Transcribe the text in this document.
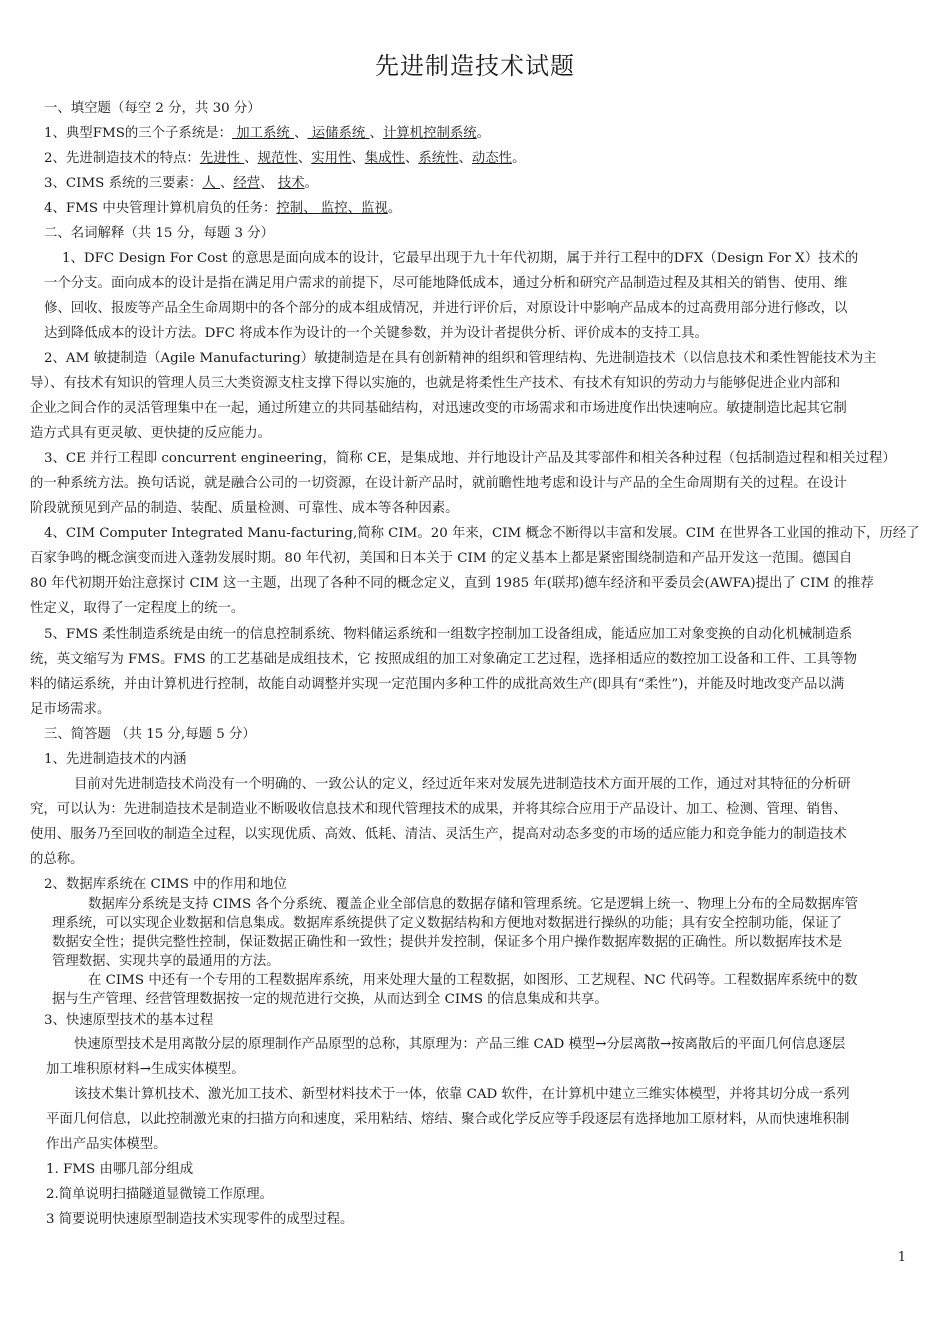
先进制造技术试题
一、填空题（每空 2 分，共 30 分）
1、典型FMS的三个子系统是： 加工系统 、 运储系统 、计算机控制系统。
2、先进制造技术的特点：先进性 、规范性、实用性、集成性、系统性、动态性。
3、CIMS 系统的三要素：人 、经营、 技术。
4、FMS 中央管理计算机肩负的任务：控制、 监控、监视。
二、名词解释（共 15 分，每题 3 分）
1、DFC Design For Cost 的意思是面向成本的设计，它最早出现于九十年代初期，属于并行工程中的DFX（Design For X）技术的
一个分支。面向成本的设计是指在满足用户需求的前提下，尽可能地降低成本，通过分析和研究产品制造过程及其相关的销售、使用、维
修、回收、报废等产品全生命周期中的各个部分的成本组成情况，并进行评价后，对原设计中影响产品成本的过高费用部分进行修改，以
达到降低成本的设计方法。DFC 将成本作为设计的一个关键参数，并为设计者提供分析、评价成本的支持工具。
2、AM 敏捷制造（Agile Manufacturing）敏捷制造是在具有创新精神的组织和管理结构、先进制造技术（以信息技术和柔性智能技术为主
导）、有技术有知识的管理人员三大类资源支柱支撑下得以实施的，也就是将柔性生产技术、有技术有知识的劳动力与能够促进企业内部和
企业之间合作的灵活管理集中在一起，通过所建立的共同基础结构，对迅速改变的市场需求和市场进度作出快速响应。敏捷制造比起其它制
造方式具有更灵敏、更快捷的反应能力。
3、CE 并行工程即 concurrent engineering，简称 CE，是集成地、并行地设计产品及其零部件和相关各种过程（包括制造过程和相关过程）
的一种系统方法。换句话说，就是融合公司的一切资源，在设计新产品时，就前瞻性地考虑和设计与产品的全生命周期有关的过程。在设计
阶段就预见到产品的制造、装配、质量检测、可靠性、成本等各种因素。
4、CIM Computer Integrated Manu-facturing,简称 CIM。20 年来，CIM 概念不断得以丰富和发展。CIM 在世界各工业国的推动下，历经了
百家争鸣的概念演变而进入蓬勃发展时期。80 年代初，美国和日本关于 CIM 的定义基本上都是紧密围绕制造和产品开发这一范围。德国自
80 年代初期开始注意探讨 CIM 这一主题，出现了各种不同的概念定义，直到 1985 年(联邦)德车经济和平委员会(AWFA)提出了 CIM 的推荐
性定义，取得了一定程度上的统一。
5、FMS 柔性制造系统是由统一的信息控制系统、物料储运系统和一组数字控制加工设备组成，能适应加工对象变换的自动化机械制造系
统，英文缩写为 FMS。FMS 的工艺基础是成组技术，它 按照成组的加工对象确定工艺过程，选择相适应的数控加工设备和工件、工具等物
料的储运系统，并由计算机进行控制，故能自动调整并实现一定范围内多种工件的成批高效生产(即具有“柔性”)，并能及时地改变产品以满
足市场需求。
三、简答题 （共 15 分,每题 5 分）
1、先进制造技术的内涵
目前对先进制造技术尚没有一个明确的、一致公认的定义，经过近年来对发展先进制造技术方面开展的工作，通过对其特征的分析研
究，可以认为：先进制造技术是制造业不断吸收信息技术和现代管理技术的成果，并将其综合应用于产品设计、加工、检测、管理、销售、
使用、服务乃至回收的制造全过程，以实现优质、高效、低耗、清洁、灵活生产，提高对动态多变的市场的适应能力和竞争能力的制造技术
的总称。
2、数据库系统在 CIMS 中的作用和地位
数据库分系统是支持 CIMS 各个分系统、覆盖企业全部信息的数据存储和管理系统。它是逻辑上统一、物理上分布的全局数据库管
理系统，可以实现企业数据和信息集成。数据库系统提供了定义数据结构和方便地对数据进行操纵的功能；具有安全控制功能，保证了
数据安全性；提供完整性控制，保证数据正确性和一致性；提供并发控制，保证多个用户操作数据库数据的正确性。所以数据库技术是
管理数据、实现共享的最通用的方法。
在 CIMS 中还有一个专用的工程数据库系统，用来处理大量的工程数据，如图形、工艺规程、NC 代码等。工程数据库系统中的数
据与生产管理、经营管理数据按一定的规范进行交换，从而达到全 CIMS 的信息集成和共享。
3、快速原型技术的基本过程
快速原型技术是用离散分层的原理制作产品原型的总称，其原理为：产品三维 CAD 模型→分层离散→按离散后的平面几何信息逐层
加工堆积原材料→生成实体模型。
该技术集计算机技术、激光加工技术、新型材料技术于一体，依靠 CAD 软件，在计算机中建立三维实体模型，并将其切分成一系列
平面几何信息，以此控制激光束的扫描方向和速度，采用粘结、熔结、聚合或化学反应等手段逐层有选择地加工原材料，从而快速堆积制
作出产品实体模型。
1. FMS 由哪几部分组成
2.简单说明扫描隧道显微镜工作原理。
3 简要说明快速原型制造技术实现零件的成型过程。
1
